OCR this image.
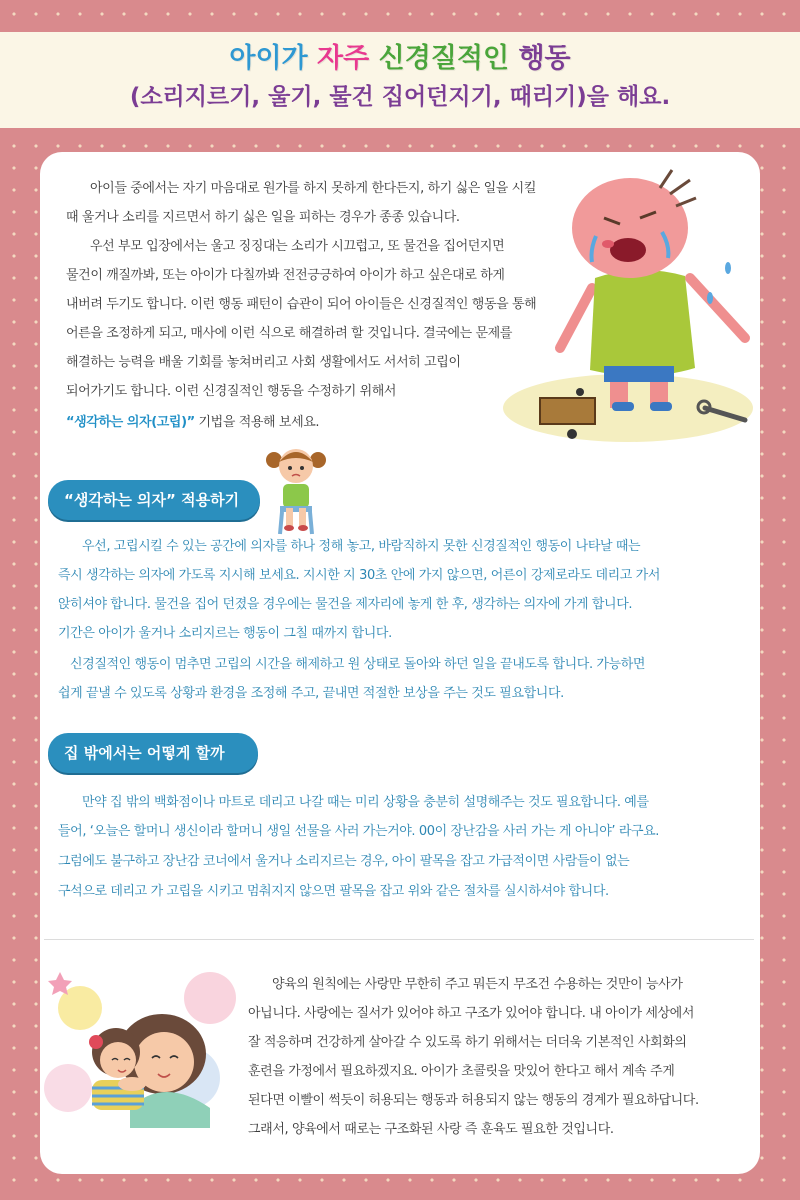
아이가 자주 신경질적인 행동
(소리지르기, 울기, 물건 집어던지기, 때리기)을 해요.
아이들 중에서는 자기 마음대로 원가를 하지 못하게 한다든지, 하기 싫은 일을 시킬
때 울거나 소리를 지르면서 하기 싫은 일을 피하는 경우가 종종 있습니다.
우선 부모 입장에서는 울고 징징대는 소리가 시끄럽고, 또 물건을 집어던지면
물건이 깨질까봐, 또는 아이가 다칠까봐 전전긍긍하여 아이가 하고 싶은대로 하게
내버려 두기도 합니다. 이런 행동 패턴이 습관이 되어 아이들은 신경질적인 행동을 통해
어른을 조정하게 되고, 매사에 이런 식으로 해결하려 할 것입니다. 결국에는 문제를
해결하는 능력을 배울 기회를 놓쳐버리고 사회 생활에서도 서서히 고립이
되어가기도 합니다. 이런 신경질적인 행동을 수정하기 위해서
“생각하는 의자(고립)” 기법을 적용해 보세요.
“생각하는 의자” 적용하기
우선, 고립시킬 수 있는 공간에 의자를 하나 정해 놓고, 바람직하지 못한 신경질적인 행동이 나타날 때는
즉시 생각하는 의자에 가도록 지시해 보세요. 지시한 지 30초 안에 가지 않으면, 어른이 강제로라도 데리고 가서
앉히셔야 합니다. 물건을 집어 던졌을 경우에는 물건을 제자리에 놓게 한 후, 생각하는 의자에 가게 합니다.
기간은 아이가 울거나 소리지르는 행동이 그칠 때까지 합니다.
신경질적인 행동이 멈추면 고립의 시간을 해제하고 원 상태로 돌아와 하던 일을 끝내도록 합니다. 가능하면
쉽게 끝낼 수 있도록 상황과 환경을 조정해 주고, 끝내면 적절한 보상을 주는 것도 필요합니다.
집 밖에서는 어떻게 할까요?
만약 집 밖의 백화점이나 마트로 데리고 나갈 때는 미리 상황을 충분히 설명해주는 것도 필요합니다. 예를
들어, ‘오늘은 할머니 생신이라 할머니 생일 선물을 사러 가는거야. 00이 장난감을 사러 가는 게 아니야’ 라구요.
그럼에도 불구하고 장난감 코너에서 울거나 소리지르는 경우, 아이 팔목을 잡고 가급적이면 사람들이 없는
구석으로 데리고 가 고립을 시키고 멈춰지지 않으면 팔목을 잡고 위와 같은 절차를 실시하셔야 합니다.
양육의 원칙에는 사랑만 무한히 주고 뭐든지 무조건 수용하는 것만이 능사가
아닙니다. 사랑에는 질서가 있어야 하고 구조가 있어야 합니다. 내 아이가 세상에서
잘 적응하며 건강하게 살아갈 수 있도록 하기 위해서는 더더욱 기본적인 사회화의
훈련을 가정에서 필요하겠지요. 아이가 초콜릿을 맛있어 한다고 해서 계속 주게
된다면 이빨이 썩듯이 허용되는 행동과 허용되지 않는 행동의 경계가 필요하답니다.
그래서, 양육에서 때로는 구조화된 사랑 즉 훈육도 필요한 것입니다.
